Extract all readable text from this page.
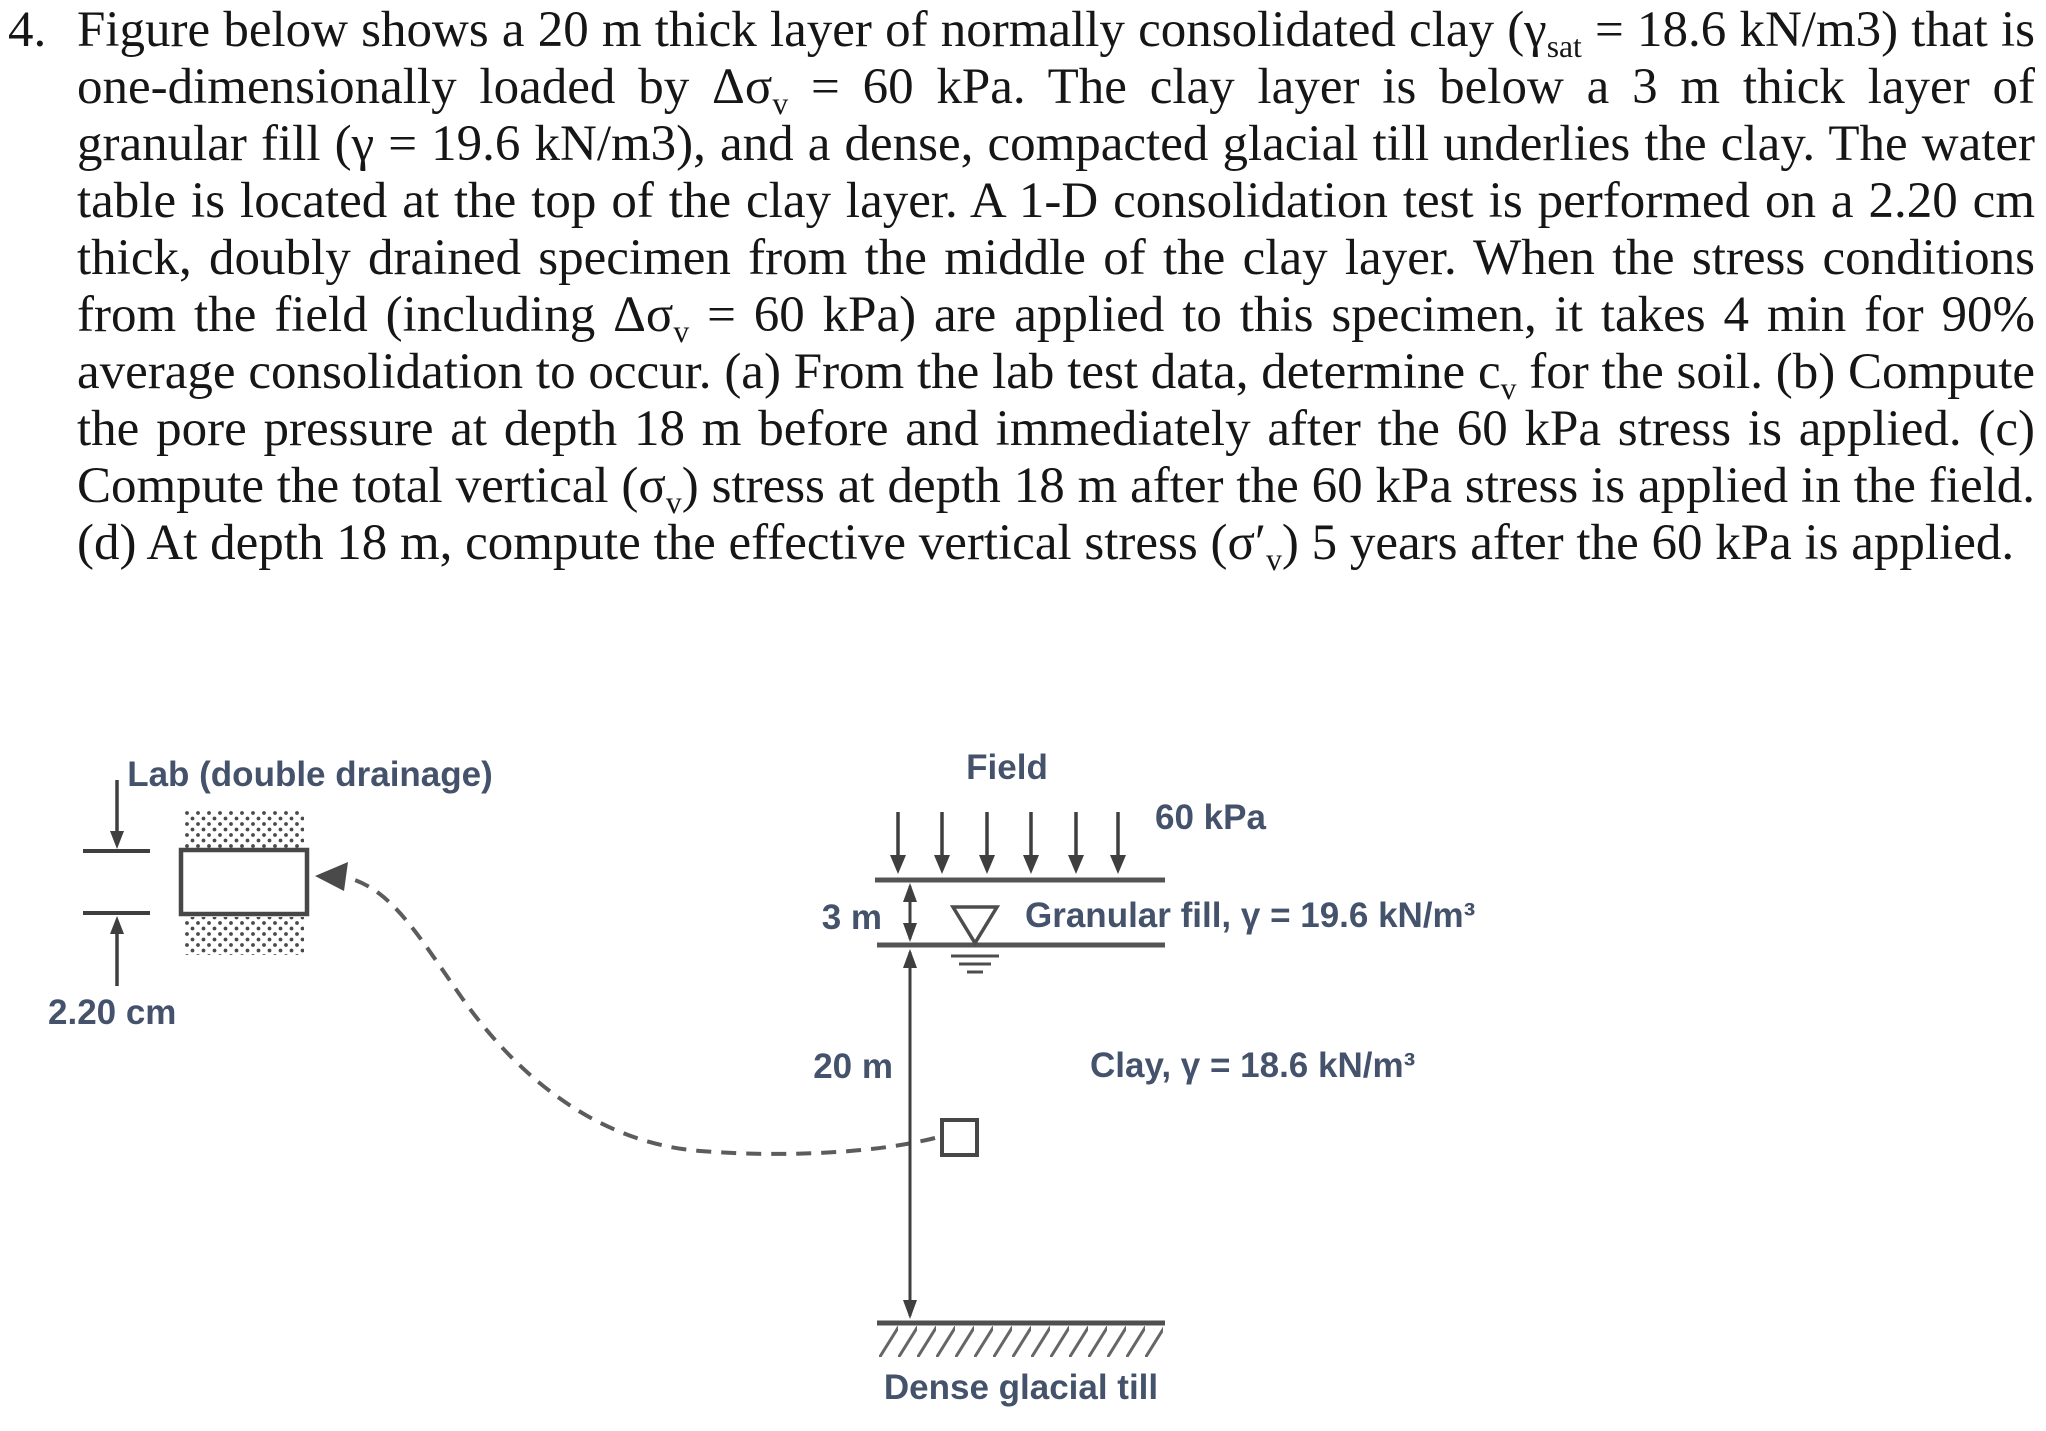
4. Figure below shows a 20 m thick layer of normally consolidated clay ($\gamma_{sat} = 18.6$ kN/m3) that is one-dimensionally loaded by $\Delta\sigma_v = 60$ kPa. The clay layer is below a 3 m thick layer of granular fill (γ = 19.6 kN/m3), and a dense, compacted glacial till underlies the clay. The water table is located at the top of the clay layer. A 1-D consolidation test is performed on a 2.20 cm thick, doubly drained specimen from the middle of the clay layer. When the stress conditions from the field (including $\Delta\sigma_v = 60$ kPa) are applied to this specimen, it takes 4 min for 90% average consolidation to occur. (a) From the lab test data, determine $c_v$ for the soil. (b) Compute the pore pressure at depth 18 m before and immediately after the 60 kPa stress is applied. (c) Compute the total vertical $(\sigma_v)$ stress at depth 18 m after the 60 kPa stress is applied in the field. (d) At depth 18 m, compute the effective vertical stress $(\sigma'_v)$ 5 years after the 60 kPa is applied.

Lab (double drainage)
2.20 cm
Field
60 kPa
3 m	Granular fill, γ = 19.6 kN/m³
20 m	Clay, γ = 18.6 kN/m³
Dense glacial till
